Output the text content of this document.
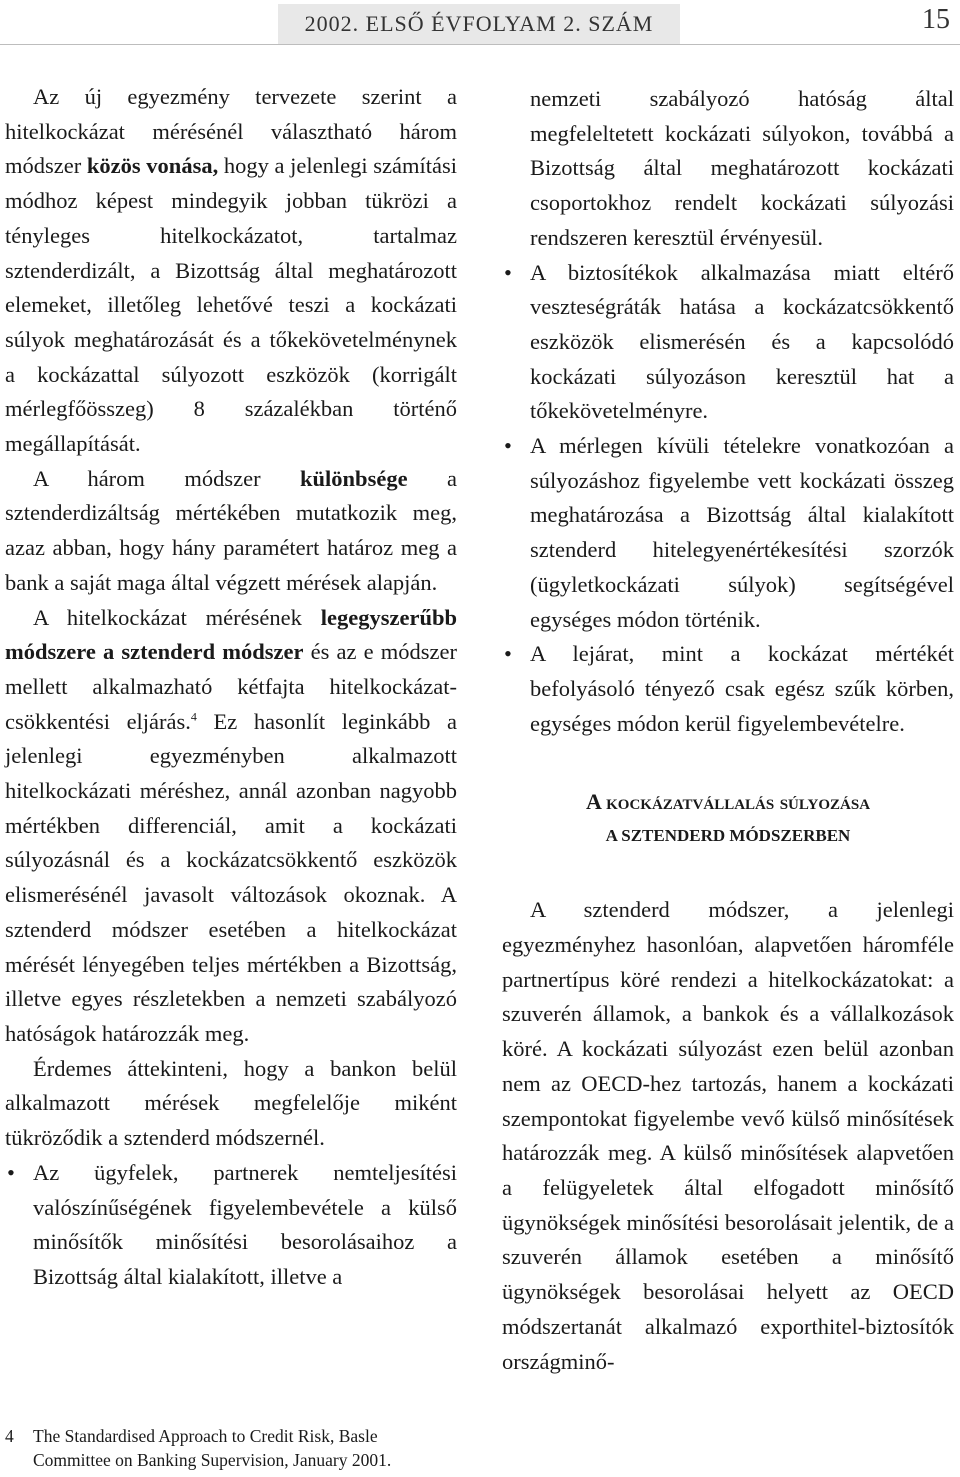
2002. ELSŐ ÉVFOLYAM 2. SZÁM	15

Az új egyezmény tervezete szerint a hitelkockázat mérésénél választható három módszer közös vonása, hogy a jelenlegi számítási módhoz képest mindegyik jobban tükrözi a tényleges hitelkockázatot, tartalmaz sztenderdizált, a Bizottság által meghatározott elemeket, illetőleg lehetővé teszi a kockázati súlyok meghatározását és a tőkekövetelménynek a kockázattal súlyozott eszközök (korrigált mérlegfőösszeg) 8 százalékban történő megállapítását.

A három módszer különbsége a sztenderdizáltság mértékében mutatkozik meg, azaz abban, hogy hány paramétert határoz meg a bank a saját maga által végzett mérések alapján.

A hitelkockázat mérésének legegyszerűbb módszere a sztenderd módszer és az e módszer mellett alkalmazható kétfajta hitelkockázat-csökkentési eljárás.$^4$ Ez hasonlít leginkább a jelenlegi egyezményben alkalmazott hitelkockázati méréshez, annál azonban nagyobb mértékben differenciál, amit a kockázati súlyozásnál és a kockázatcsökkentő eszközök elismerésénél javasolt változások okoznak. A sztenderd módszer esetében a hitelkockázat mérését lényegében teljes mértékben a Bizottság, illetve egyes részletekben a nemzeti szabályozó hatóságok határozzák meg.

Érdemes áttekinteni, hogy a bankon belül alkalmazott mérések megfelelője miként tükröződik a sztenderd módszernél.

• Az ügyfelek, partnerek nemteljesítési valószínűségének figyelembevétele a külső minősítők minősítési besorolásaihoz a Bizottság által kialakított, illetve a
4	The Standardised Approach to Credit Risk, Basle Committee on Banking Supervision, January 2001.

nemzeti szabályozó hatóság által megfeleltetett kockázati súlyokon, továbbá a Bizottság által meghatározott kockázati csoportokhoz rendelt kockázati súlyozási rendszeren keresztül érvényesül.

• A biztosítékok alkalmazása miatt eltérő veszteségráták hatása a kockázatcsökkentő eszközök elismerésén és a kapcsolódó kockázati súlyozáson keresztül hat a tőkekövetelményre.
• A mérlegen kívüli tételekre vonatkozóan a súlyozáshoz figyelembe vett kockázati összeg meghatározása a Bizottság által kialakított sztenderd hitelegyenértékesítési szorzók (ügyletkockázati súlyok) segítségével egységes módon történik.
• A lejárat, mint a kockázat mértékét befolyásoló tényező csak egész szűk körben, egységes módon kerül figyelembevételre.
A kockázatvállalás súlyozása
A SZTENDERD MÓDSZERBEN

A sztenderd módszer, a jelenlegi egyezményhez hasonlóan, alapvetően háromféle partnertípus köré rendezi a hitelkockázatokat: a szuverén államok, a bankok és a vállalkozások köré. A kockázati súlyozást ezen belül azonban nem az OECD-hez tartozás, hanem a kockázati szempontokat figyelembe vevő külső minősítések határozzák meg. A külső minősítések alapvetően a felügyeletek által elfogadott minősítő ügynökségek minősítési besorolásait jelentik, de a szuverén államok esetében a minősítő ügynökségek besorolásai helyett az OECD módszertanát alkalmazó exporthitel-biztosítók országminő-
